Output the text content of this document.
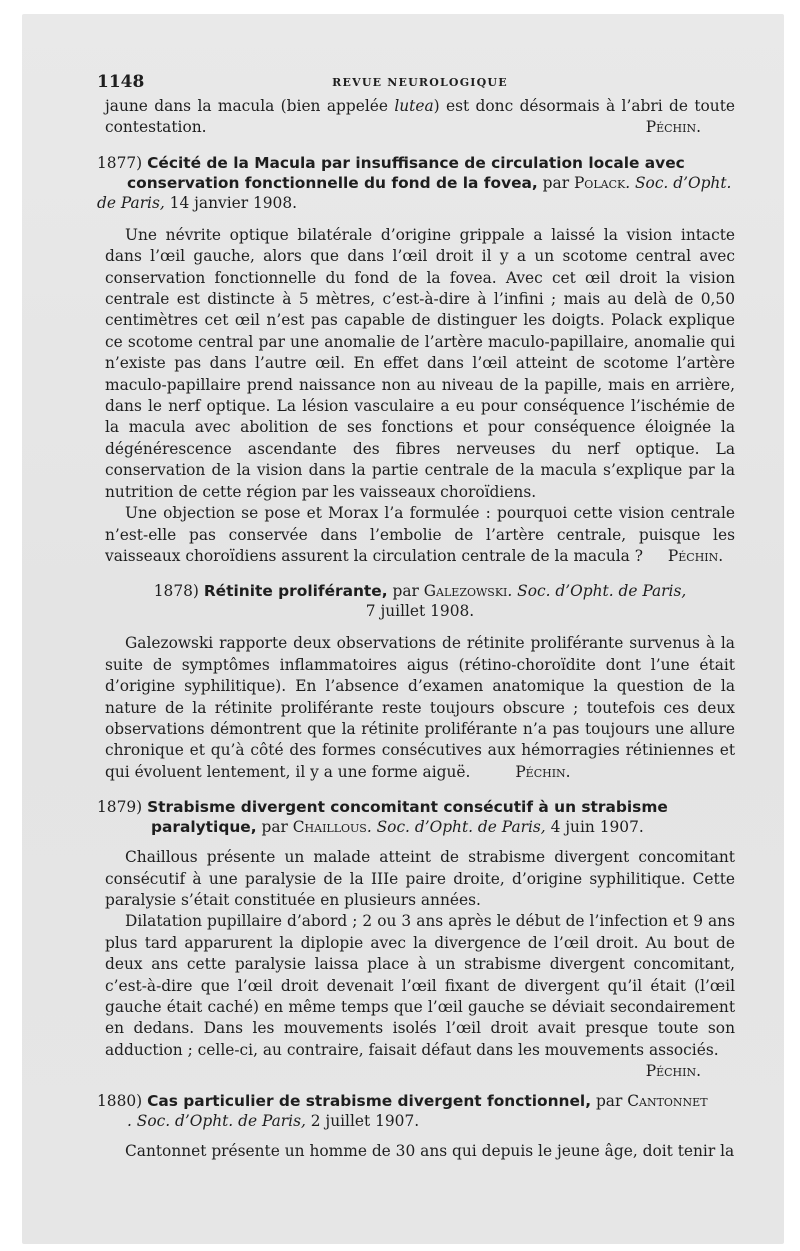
1148	REVUE NEUROLOGIQUE

jaune dans la macula (bien appelée lutea) est donc désormais à l’abri de toute contestation.	Péchin.

1877) Cécité de la Macula par insuffisance de circulation locale avec
conservation fonctionnelle du fond de la fovea, par Polack. Soc. d’Opht. de Paris, 14 janvier 1908.

Une névrite optique bilatérale d’origine grippale a laissé la vision intacte dans l’œil gauche, alors que dans l’œil droit il y a un scotome central avec conservation fonctionnelle du fond de la fovea. Avec cet œil droit la vision centrale est distincte à 5 mètres, c’est-à-dire à l’infini ; mais au delà de 0,50 centimètres cet œil n’est pas capable de distinguer les doigts. Polack explique ce scotome central par une anomalie de l’artère maculo-papillaire, anomalie qui n’existe pas dans l’autre œil. En effet dans l’œil atteint de scotome l’artère maculo-papillaire prend naissance non au niveau de la papille, mais en arrière, dans le nerf optique. La lésion vasculaire a eu pour conséquence l’ischémie de la macula avec abolition de ses fonctions et pour conséquence éloignée la dégénérescence ascendante des fibres nerveuses du nerf optique. La conservation de la vision dans la partie centrale de la macula s’explique par la nutrition de cette région par les vaisseaux choroïdiens.

Une objection se pose et Morax l’a formulée : pourquoi cette vision centrale n’est-elle pas conservée dans l’embolie de l’artère centrale, puisque les vaisseaux choroïdiens assurent la circulation centrale de la macula ? Péchin.

1878) Rétinite proliférante, par Galezowski. Soc. d’Opht. de Paris,
7 juillet 1908.

Galezowski rapporte deux observations de rétinite proliférante survenus à la suite de symptômes inflammatoires aigus (rétino-choroïdite dont l’une était d’origine syphilitique). En l’absence d’examen anatomique la question de la nature de la rétinite proliférante reste toujours obscure ; toutefois ces deux observations démontrent que la rétinite proliférante n’a pas toujours une allure chronique et qu’à côté des formes consécutives aux hémorragies rétiniennes et qui évoluent lentement, il y a une forme aiguë.	Péchin.

1879) Strabisme divergent concomitant consécutif à un strabisme
paralytique, par Chaillous. Soc. d’Opht. de Paris, 4 juin 1907.

Chaillous présente un malade atteint de strabisme divergent concomitant consécutif à une paralysie de la IIIe paire droite, d’origine syphilitique. Cette paralysie s’était constituée en plusieurs années.

Dilatation pupillaire d’abord ; 2 ou 3 ans après le début de l’infection et 9 ans plus tard apparurent la diplopie avec la divergence de l’œil droit. Au bout de deux ans cette paralysie laissa place à un strabisme divergent concomitant, c’est-à-dire que l’œil droit devenait l’œil fixant de divergent qu’il était (l’œil gauche était caché) en même temps que l’œil gauche se déviait secondairement en dedans. Dans les mouvements isolés l’œil droit avait presque toute son adduction ; celle-ci, au contraire, faisait défaut dans les mouvements associés.

Péchin.
1880) Cas particulier de strabisme divergent fonctionnel, par Cantonnet
. Soc. d’Opht. de Paris, 2 juillet 1907.

Cantonnet présente un homme de 30 ans qui depuis le jeune âge, doit tenir la
